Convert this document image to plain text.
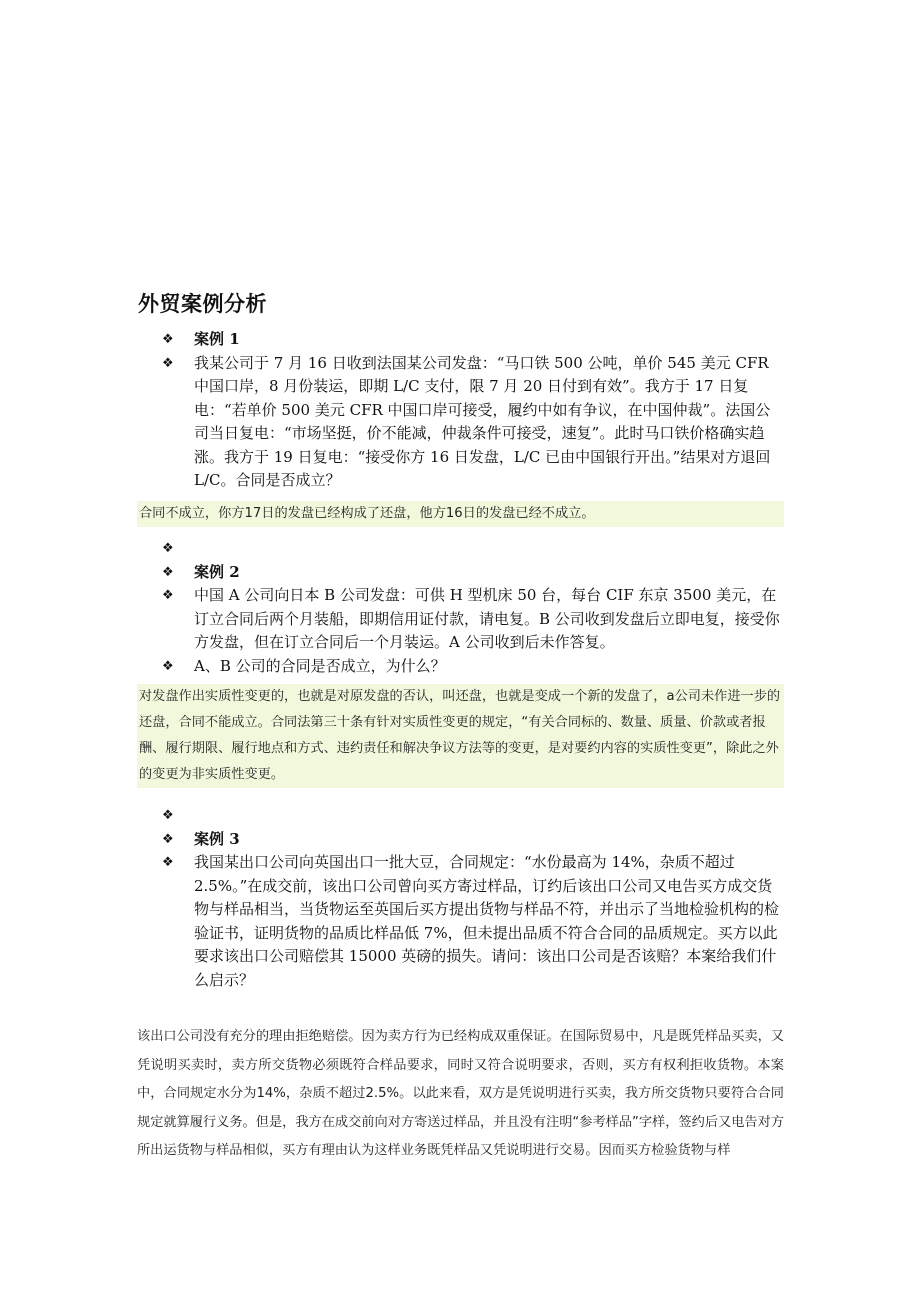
外贸案例分析
❖	案例 1
❖	我某公司于 7 月 16 日收到法国某公司发盘：“马口铁 500 公吨，单价 545 美元 CFR 中国口岸，8 月份装运，即期 L/C 支付，限 7 月 20 日付到有效”。我方于 17 日复电：“若单价 500 美元 CFR 中国口岸可接受，履约中如有争议，在中国仲裁”。法国公司当日复电：“市场坚挺，价不能减，仲裁条件可接受，速复”。此时马口铁价格确实趋涨。我方于 19 日复电：“接受你方 16 日发盘，L/C 已由中国银行开出。”结果对方退回 L/C。合同是否成立？
合同不成立，你方17日的发盘已经构成了还盘，他方16日的发盘已经不成立。
❖
❖	案例 2
❖	中国 A 公司向日本 B 公司发盘：可供 H 型机床 50 台，每台 CIF 东京 3500 美元，在订立合同后两个月装船，即期信用证付款，请电复。B 公司收到发盘后立即电复，接受你方发盘，但在订立合同后一个月装运。A 公司收到后未作答复。
❖	A、B 公司的合同是否成立，为什么？
对发盘作出实质性变更的，也就是对原发盘的否认，叫还盘，也就是变成一个新的发盘了，a公司未作进一步的还盘，合同不能成立。合同法第三十条有针对实质性变更的规定，“有关合同标的、数量、质量、价款或者报酬、履行期限、履行地点和方式、违约责任和解决争议方法等的变更，是对要约内容的实质性变更”，除此之外的变更为非实质性变更。
❖
❖	案例 3
❖	我国某出口公司向英国出口一批大豆，合同规定：“水份最高为 14%，杂质不超过 2.5%。”在成交前，该出口公司曾向买方寄过样品，订约后该出口公司又电告买方成交货物与样品相当，当货物运至英国后买方提出货物与样品不符，并出示了当地检验机构的检验证书，证明货物的品质比样品低 7%，但未提出品质不符合合同的品质规定。买方以此要求该出口公司赔偿其 15000 英磅的损失。请问：该出口公司是否该赔？本案给我们什么启示？
该出口公司没有充分的理由拒绝赔偿。因为卖方行为已经构成双重保证。在国际贸易中，凡是既凭样品买卖，又凭说明买卖时，卖方所交货物必须既符合样品要求，同时又符合说明要求，否则，买方有权利拒收货物。本案中，合同规定水分为14%，杂质不超过2.5%。以此来看，双方是凭说明进行买卖，我方所交货物只要符合合同规定就算履行义务。但是，我方在成交前向对方寄送过样品，并且没有注明“参考样品”字样，签约后又电告对方所出运货物与样品相似，买方有理由认为这样业务既凭样品又凭说明进行交易。因而买方检验货物与样
